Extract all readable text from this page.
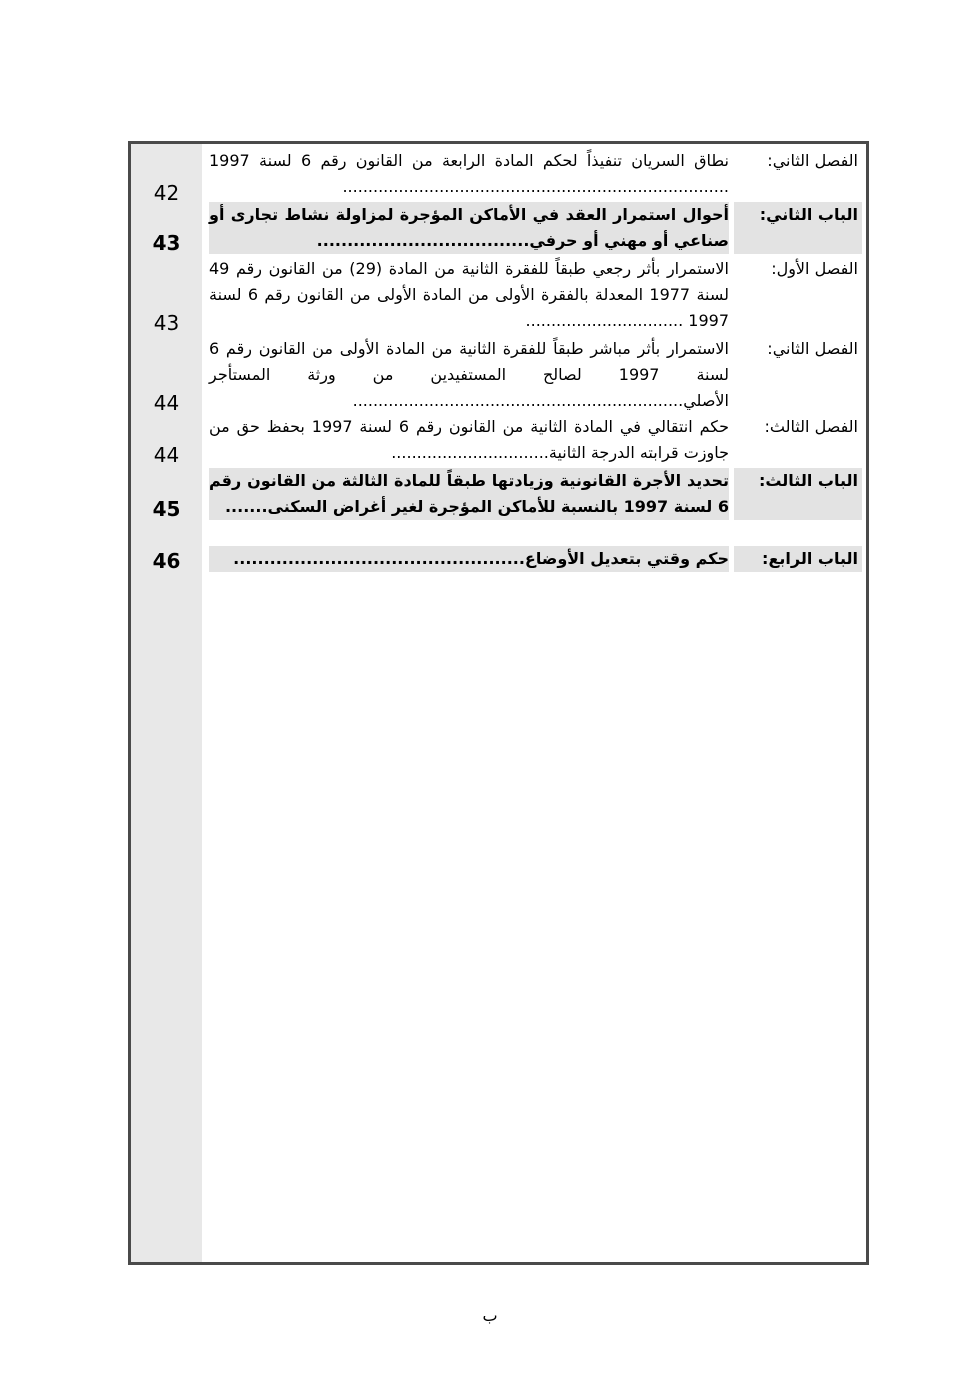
الفصل الثاني:
نطاق السريان تنفيذاً لحكم المادة الرابعة من القانون رقم 6 لسنة 1997 ............................................................................
42
الباب الثاني:
أحوال استمرار العقد في الأماكن المؤجرة لمزاولة نشاط تجارى أو صناعي أو مهني أو حرفي...................................
43
الفصل الأول:
الاستمرار بأثر رجعي طبقاً للفقرة الثانية من المادة (29) من القانون رقم 49 لسنة 1977 المعدلة بالفقرة الأولى من المادة الأولى من القانون رقم 6 لسنة 1997 ...............................
43
الفصل الثاني:
الاستمرار بأثر مباشر طبقاً للفقرة الثانية من المادة الأولى من القانون رقم 6 لسنة 1997 لصالح المستفيدين من ورثة المستأجر الأصلي.................................................................
44
الفصل الثالث:
حكم انتقالي في المادة الثانية من القانون رقم 6 لسنة 1997 بحفظ حق من جاوزت قرابته الدرجة الثانية...............................
44
الباب الثالث:
تحديد الأجرة القانونية وزيادتها طبقاً للمادة الثالثة من القانون رقم 6 لسنة 1997 بالنسبة للأماكن المؤجرة لغير أغراض السكنى.......
45
الباب الرابع:
حكم وقتي بتعديل الأوضاع................................................
46
ب
